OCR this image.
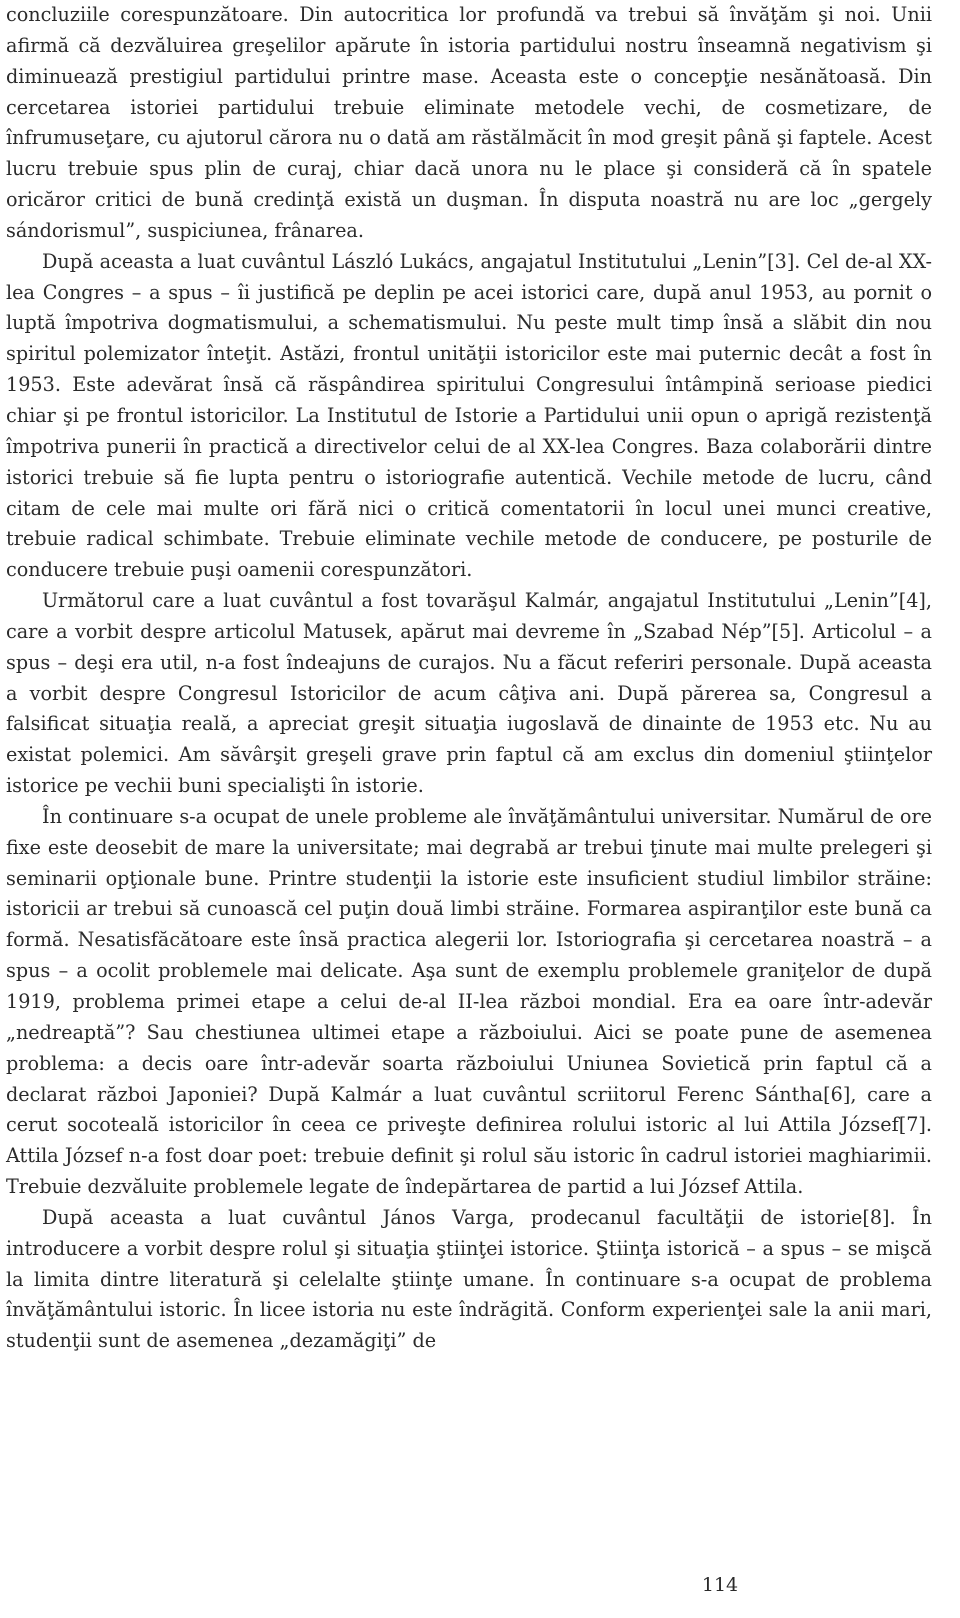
concluziile corespunzătoare. Din autocritica lor profundă va trebui să învăţăm şi noi. Unii afirmă că dezvăluirea greşelilor apărute în istoria partidului nostru înseamnă negativism şi diminuează prestigiul partidului printre mase. Aceasta este o concepţie nesănătoasă. Din cercetarea istoriei partidului trebuie eliminate metodele vechi, de cosmetizare, de înfrumuseţare, cu ajutorul cărora nu o dată am răstălmăcit în mod greşit până şi faptele. Acest lucru trebuie spus plin de curaj, chiar dacă unora nu le place şi consideră că în spatele oricăror critici de bună credinţă există un duşman. În disputa noastră nu are loc „gergely sándorismul”, suspiciunea, frânarea.

După aceasta a luat cuvântul László Lukács, angajatul Institutului „Lenin”[3]. Cel de-al XX-lea Congres – a spus – îi justifică pe deplin pe acei istorici care, după anul 1953, au pornit o luptă împotriva dogmatismului, a schematismului. Nu peste mult timp însă a slăbit din nou spiritul polemizator înteţit. Astăzi, frontul unităţii istoricilor este mai puternic decât a fost în 1953. Este adevărat însă că răspândirea spiritului Congresului întâmpină serioase piedici chiar şi pe frontul istoricilor. La Institutul de Istorie a Partidului unii opun o aprigă rezistenţă împotriva punerii în practică a directivelor celui de al XX-lea Congres. Baza colaborării dintre istorici trebuie să fie lupta pentru o istoriografie autentică. Vechile metode de lucru, când citam de cele mai multe ori fără nici o critică comentatorii în locul unei munci creative, trebuie radical schimbate. Trebuie eliminate vechile metode de conducere, pe posturile de conducere trebuie puşi oamenii corespunzători.

Următorul care a luat cuvântul a fost tovarăşul Kalmár, angajatul Institutului „Lenin”[4], care a vorbit despre articolul Matusek, apărut mai devreme în „Szabad Nép”[5]. Articolul – a spus – deşi era util, n-a fost îndeajuns de curajos. Nu a făcut referiri personale. După aceasta a vorbit despre Congresul Istoricilor de acum câţiva ani. După părerea sa, Congresul a falsificat situaţia reală, a apreciat greşit situaţia iugoslavă de dinainte de 1953 etc. Nu au existat polemici. Am săvârşit greşeli grave prin faptul că am exclus din domeniul ştiinţelor istorice pe vechii buni specialişti în istorie.

În continuare s-a ocupat de unele probleme ale învăţământului universitar. Numărul de ore fixe este deosebit de mare la universitate; mai degrabă ar trebui ţinute mai multe prelegeri şi seminarii opţionale bune. Printre studenţii la istorie este insuficient studiul limbilor străine: istoricii ar trebui să cunoască cel puţin două limbi străine. Formarea aspiranţilor este bună ca formă. Nesatisfăcătoare este însă practica alegerii lor. Istoriografia şi cercetarea noastră – a spus – a ocolit problemele mai delicate. Aşa sunt de exemplu problemele graniţelor de după 1919, problema primei etape a celui de-al II-lea război mondial. Era ea oare într-adevăr „nedreaptă”? Sau chestiunea ultimei etape a războiului. Aici se poate pune de asemenea problema: a decis oare într-adevăr soarta războiului Uniunea Sovietică prin faptul că a declarat război Japoniei? După Kalmár a luat cuvântul scriitorul Ferenc Sántha[6], care a cerut socoteală istoricilor în ceea ce priveşte definirea rolului istoric al lui Attila József[7]. Attila József n-a fost doar poet: trebuie definit şi rolul său istoric în cadrul istoriei maghiarimii. Trebuie dezvăluite problemele legate de îndepărtarea de partid a lui József Attila.

După aceasta a luat cuvântul János Varga, prodecanul facultăţii de istorie[8]. În introducere a vorbit despre rolul şi situaţia ştiinţei istorice. Ştiinţa istorică – a spus – se mişcă la limita dintre literatură şi celelalte ştiinţe umane. În continuare s-a ocupat de problema învăţământului istoric. În licee istoria nu este îndrăgită. Conform experienţei sale la anii mari, studenţii sunt de asemenea „dezamăgiţi” de

114
